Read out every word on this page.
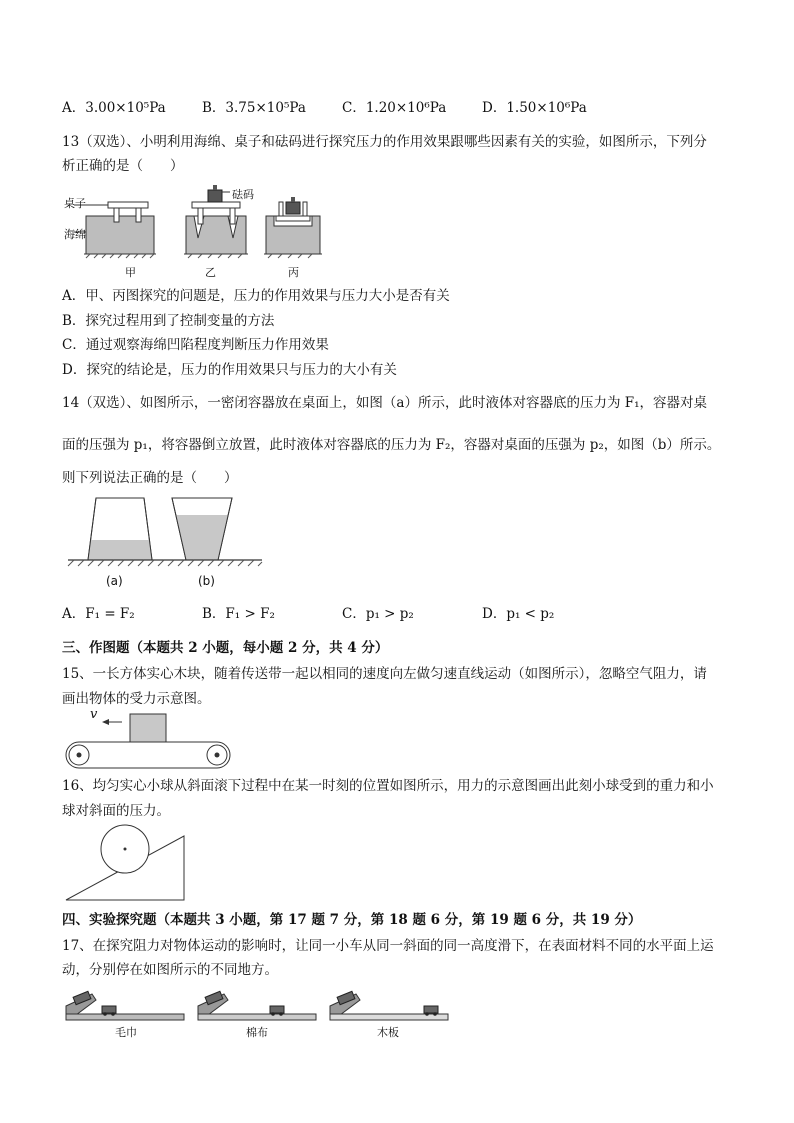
A．3.00×10⁵Pa	B．3.75×10⁵Pa	C．1.20×10⁶Pa	D．1.50×10⁶Pa
13（双选）、小明利用海绵、桌子和砝码进行探究压力的作用效果跟哪些因素有关的实验，如图所示，下列分
析正确的是（　　）
桌子
海绵
砝码
甲	乙	丙
A．甲、丙图探究的问题是，压力的作用效果与压力大小是否有关
B．探究过程用到了控制变量的方法
C．通过观察海绵凹陷程度判断压力作用效果
D．探究的结论是，压力的作用效果只与压力的大小有关
14（双选）、如图所示，一密闭容器放在桌面上，如图（a）所示，此时液体对容器底的压力为 F₁，容器对桌
面的压强为 p₁，将容器倒立放置，此时液体对容器底的压力为 F₂，容器对桌面的压强为 p₂，如图（b）所示。
则下列说法正确的是（　　）
(a)	(b)
A．F₁ = F₂	B．F₁ > F₂	C．p₁ > p₂	D．p₁ < p₂
三、作图题（本题共 2 小题，每小题 2 分，共 4 分）
15、一长方体实心木块，随着传送带一起以相同的速度向左做匀速直线运动（如图所示），忽略空气阻力，请
画出物体的受力示意图。
v
16、均匀实心小球从斜面滚下过程中在某一时刻的位置如图所示，用力的示意图画出此刻小球受到的重力和小
球对斜面的压力。
四、实验探究题（本题共 3 小题，第 17 题 7 分，第 18 题 6 分，第 19 题 6 分，共 19 分）
17、在探究阻力对物体运动的影响时，让同一小车从同一斜面的同一高度滑下，在表面材料不同的水平面上运
动，分别停在如图所示的不同地方。
毛巾	棉布	木板
